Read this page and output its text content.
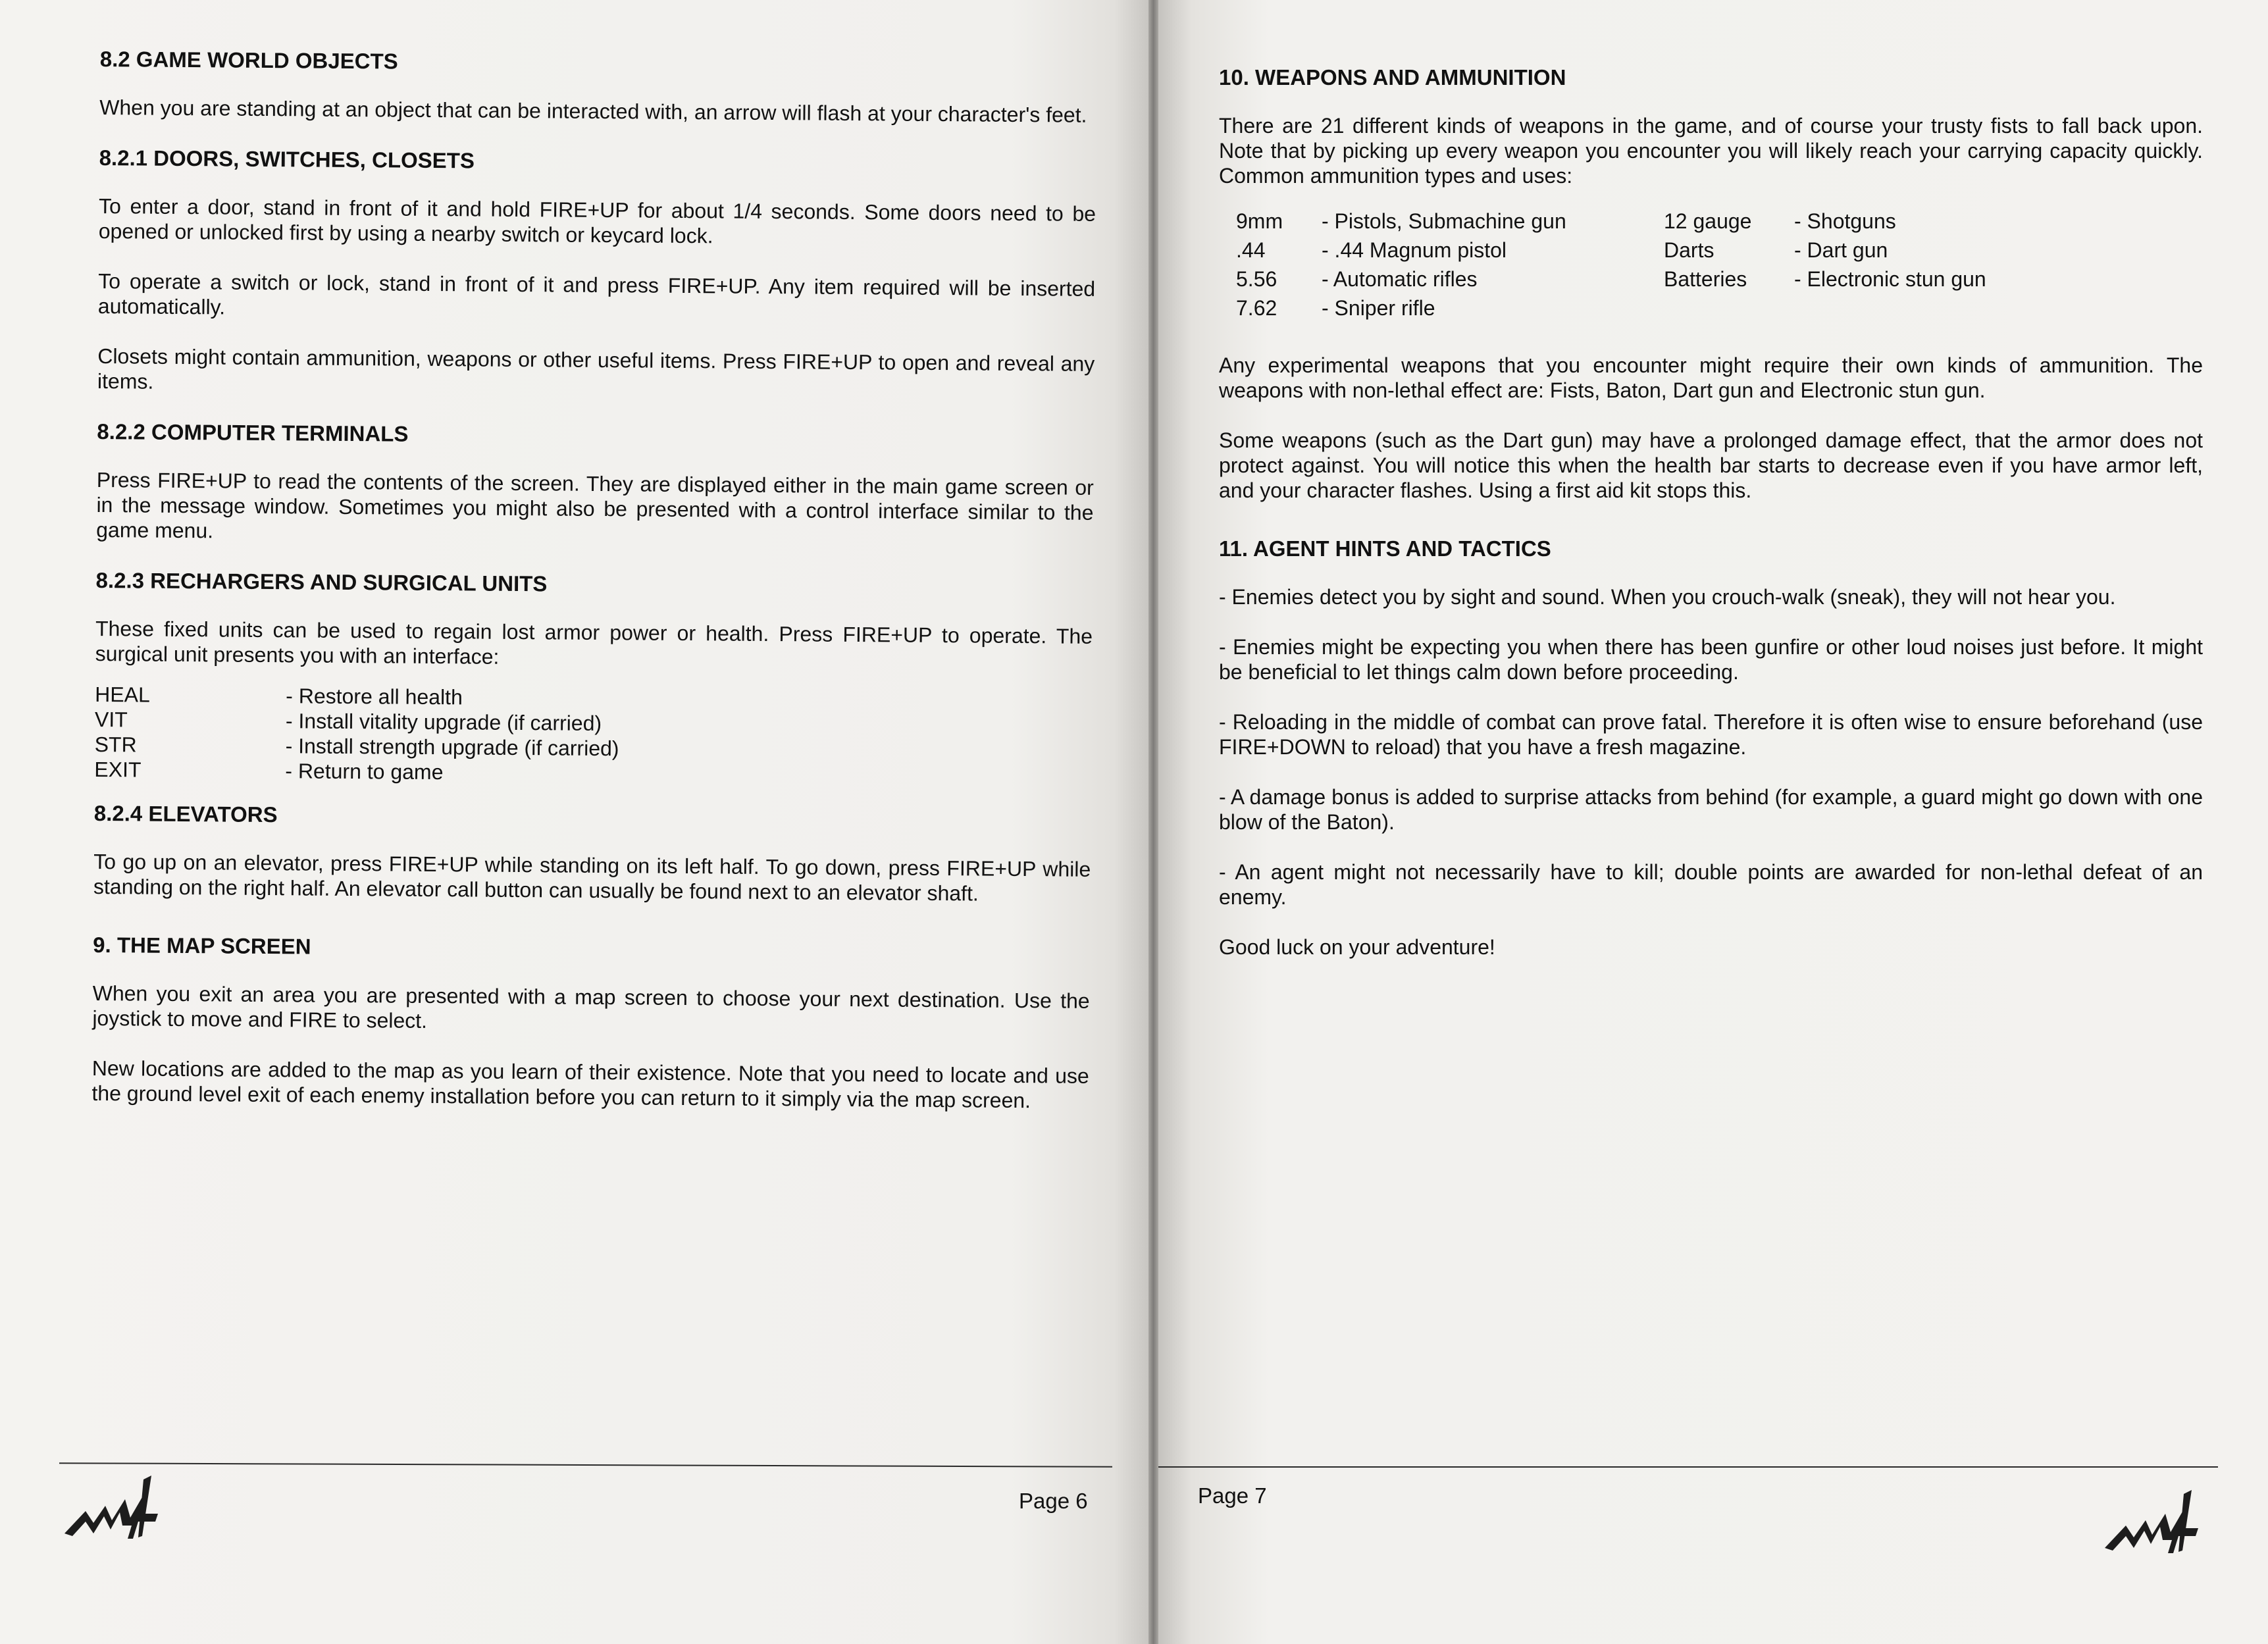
8.2 GAME WORLD OBJECTS

When you are standing at an object that can be interacted with, an arrow will flash at your character's feet.

8.2.1 DOORS, SWITCHES, CLOSETS

To enter a door, stand in front of it and hold FIRE+UP for about 1/4 seconds. Some doors need to be opened or unlocked first by using a nearby switch or keycard lock.

To operate a switch or lock, stand in front of it and press FIRE+UP. Any item required will be inserted automatically.

Closets might contain ammunition, weapons or other useful items. Press FIRE+UP to open and reveal any items.

8.2.2 COMPUTER TERMINALS

Press FIRE+UP to read the contents of the screen. They are displayed either in the main game screen or in the message window. Sometimes you might also be presented with a control interface similar to the game menu.

8.2.3 RECHARGERS AND SURGICAL UNITS

These fixed units can be used to regain lost armor power or health. Press FIRE+UP to operate. The surgical unit presents you with an interface:

HEAL	- Restore all health
VIT	- Install vitality upgrade (if carried)
STR	- Install strength upgrade (if carried)
EXIT	- Return to game
8.2.4 ELEVATORS

To go up on an elevator, press FIRE+UP while standing on its left half. To go down, press FIRE+UP while standing on the right half. An elevator call button can usually be found next to an elevator shaft.

9. THE MAP SCREEN

When you exit an area you are presented with a map screen to choose your next destination. Use the joystick to move and FIRE to select.

New locations are added to the map as you learn of their existence. Note that you need to locate and use the ground level exit of each enemy installation before you can return to it simply via the map screen.

Page 6
10. WEAPONS AND AMMUNITION

There are 21 different kinds of weapons in the game, and of course your trusty fists to fall back upon. Note that by picking up every weapon you encounter you will likely reach your carrying capacity quickly. Common ammunition types and uses:

9mm	- Pistols, Submachine gun	12 gauge	- Shotguns
.44	- .44 Magnum pistol	Darts	- Dart gun
5.56	- Automatic rifles	Batteries	- Electronic stun gun
7.62	- Sniper rifle		

Any experimental weapons that you encounter might require their own kinds of ammunition. The weapons with non-lethal effect are: Fists, Baton, Dart gun and Electronic stun gun.

Some weapons (such as the Dart gun) may have a prolonged damage effect, that the armor does not protect against. You will notice this when the health bar starts to decrease even if you have armor left, and your character flashes. Using a first aid kit stops this.

11. AGENT HINTS AND TACTICS

- Enemies detect you by sight and sound. When you crouch-walk (sneak), they will not hear you.

- Enemies might be expecting you when there has been gunfire or other loud noises just before. It might be beneficial to let things calm down before proceeding.

- Reloading in the middle of combat can prove fatal. Therefore it is often wise to ensure beforehand (use FIRE+DOWN to reload) that you have a fresh magazine.

- A damage bonus is added to surprise attacks from behind (for example, a guard might go down with one blow of the Baton).

- An agent might not necessarily have to kill; double points are awarded for non-lethal defeat of an enemy.

Good luck on your adventure!

Page 7
